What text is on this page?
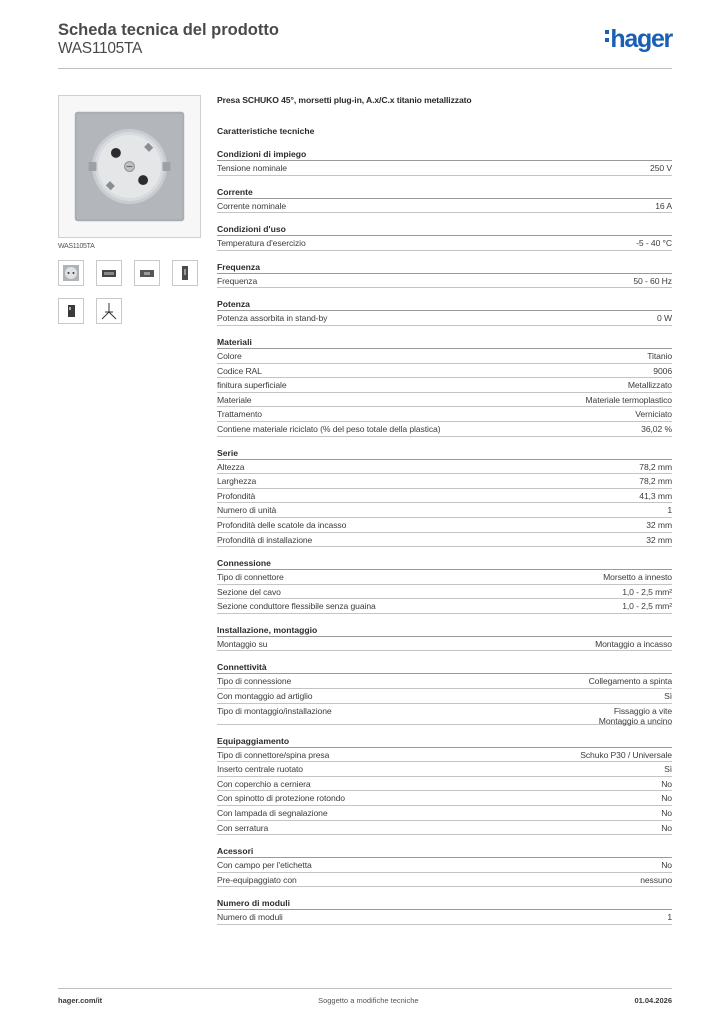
Scheda tecnica del prodotto
WAS1105TA	hager
WAS1105TA
Presa SCHUKO 45°, morsetti plug-in, A.x/C.x titanio metallizzato
Caratteristiche tecniche
Condizioni di impiego
Tensione nominale	250 V
Corrente
Corrente nominale	16 A
Condizioni d'uso
Temperatura d'esercizio	-5 - 40 °C
Frequenza
Frequenza	50 - 60 Hz
Potenza
Potenza assorbita in stand-by	0 W
Materiali
Colore	Titanio
Codice RAL	9006
finitura superficiale	Metallizzato
Materiale	Materiale termoplastico
Trattamento	Verniciato
Contiene materiale riciclato (% del peso totale della plastica)	36,02 %
Serie
Altezza	78,2 mm
Larghezza	78,2 mm
Profondità	41,3 mm
Numero di unità	1
Profondità delle scatole da incasso	32 mm
Profondità di installazione	32 mm
Connessione
Tipo di connettore	Morsetto a innesto
Sezione del cavo	1,0 - 2,5 mm²
Sezione conduttore flessibile senza guaina	1,0 - 2,5 mm²
Installazione, montaggio
Montaggio su	Montaggio a incasso
Connettività
Tipo di connessione	Collegamento a spinta
Con montaggio ad artiglio	Sì
Tipo di montaggio/installazione	Fissaggio a vite
Montaggio a uncino
Equipaggiamento
Tipo di connettore/spina presa	Schuko P30 / Universale
Inserto centrale ruotato	Sì
Con coperchio a cerniera	No
Con spinotto di protezione rotondo	No
Con lampada di segnalazione	No
Con serratura	No
Acessori
Con campo per l'etichetta	No
Pre-equipaggiato con	nessuno
Numero di moduli
Numero di moduli	1
hager.com/it	Soggetto a modifiche tecniche	01.04.2026
